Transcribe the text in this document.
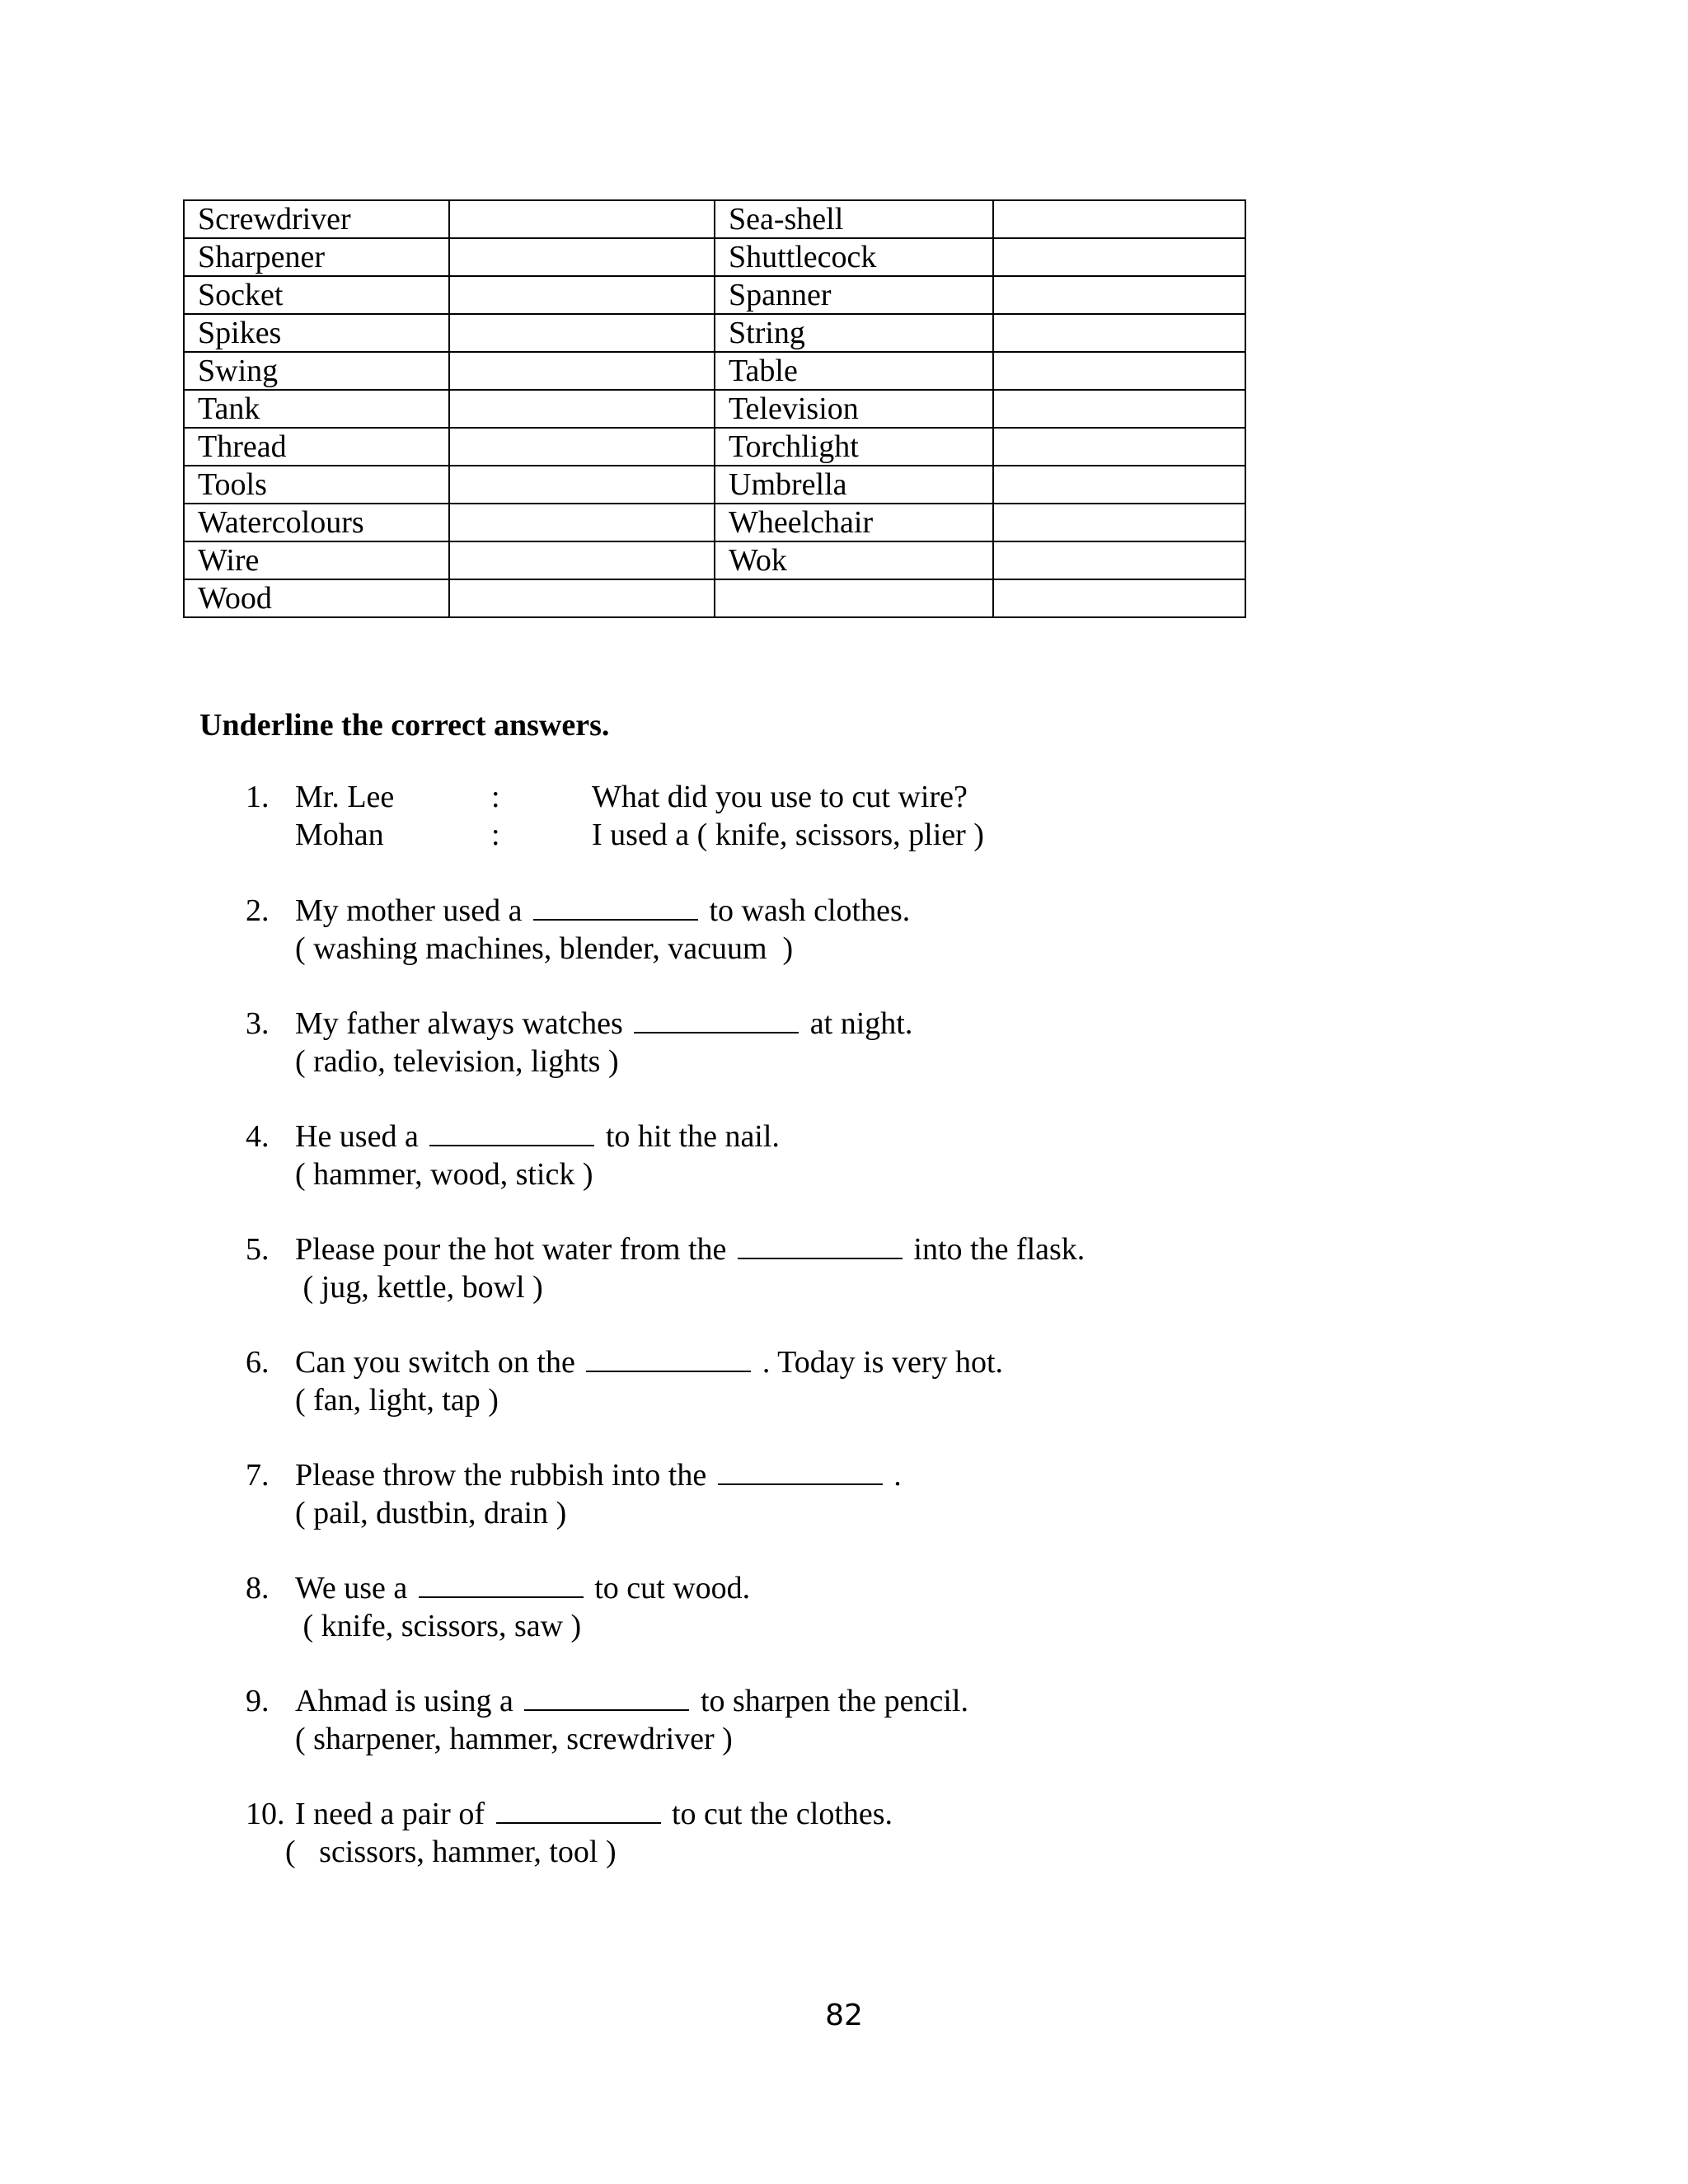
Screwdriver		Sea-shell	
Sharpener		Shuttlecock	
Socket		Spanner	
Spikes		String	
Swing		Table	
Tank		Television	
Thread		Torchlight	
Tools		Umbrella	
Watercolours		Wheelchair	
Wire		Wok	
Wood			
Underline the correct answers.
1. Mr. Lee	:	What did you use to cut wire?
Mohan	:	I used a ( knife, scissors, plier )
2. My mother used a	to wash clothes.
( washing machines, blender, vacuum  )
3. My father always watches	at night.
( radio, television, lights )
4. He used a	to hit the nail.
( hammer, wood, stick )
5. Please pour the hot water from the	into the flask.
( jug, kettle, bowl )
6. Can you switch on the	. Today is very hot.
( fan, light, tap )
7. Please throw the rubbish into the	.
( pail, dustbin, drain )
8. We use a	to cut wood.
( knife, scissors, saw )
9. Ahmad is using a	to sharpen the pencil.
( sharpener, hammer, screwdriver )
10. I need a pair of	to cut the clothes.
(   scissors, hammer, tool )
82
